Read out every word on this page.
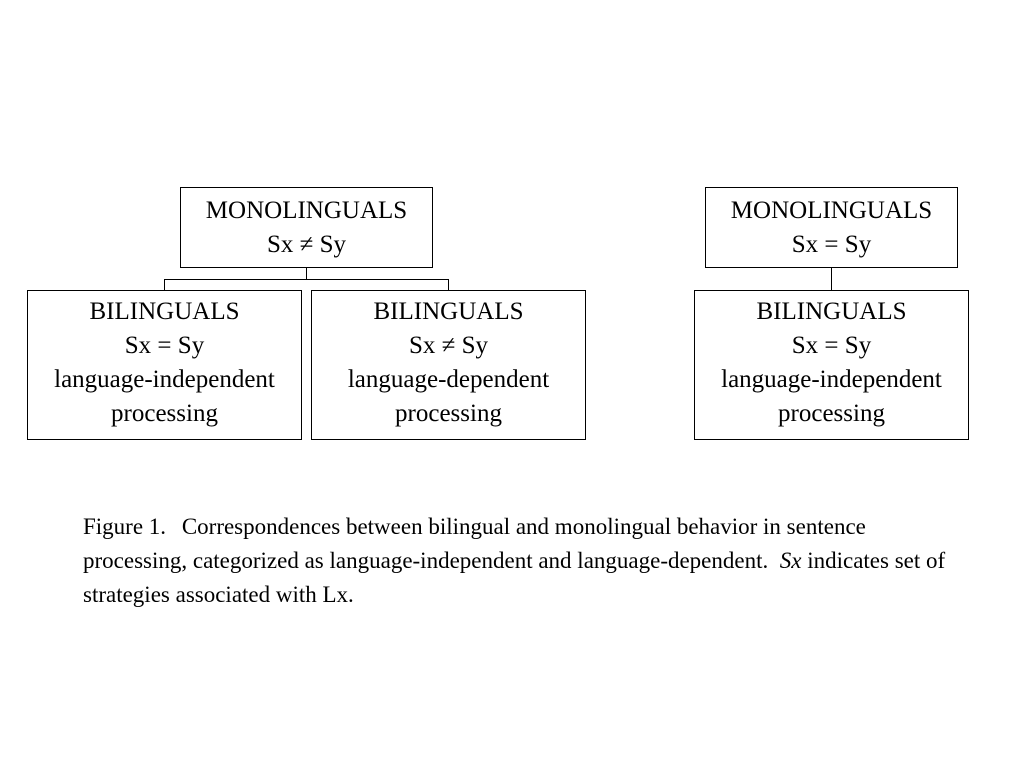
MONOLINGUALS
Sx ≠ Sy
BILINGUALS
Sx = Sy
language-independent
processing
BILINGUALS
Sx ≠ Sy
language-dependent
processing
MONOLINGUALS
Sx = Sy
BILINGUALS
Sx = Sy
language-independent
processing
Figure 1. Correspondences between bilingual and monolingual behavior in sentence processing, categorized as language-independent and language-dependent. Sx indicates set of strategies associated with Lx.
